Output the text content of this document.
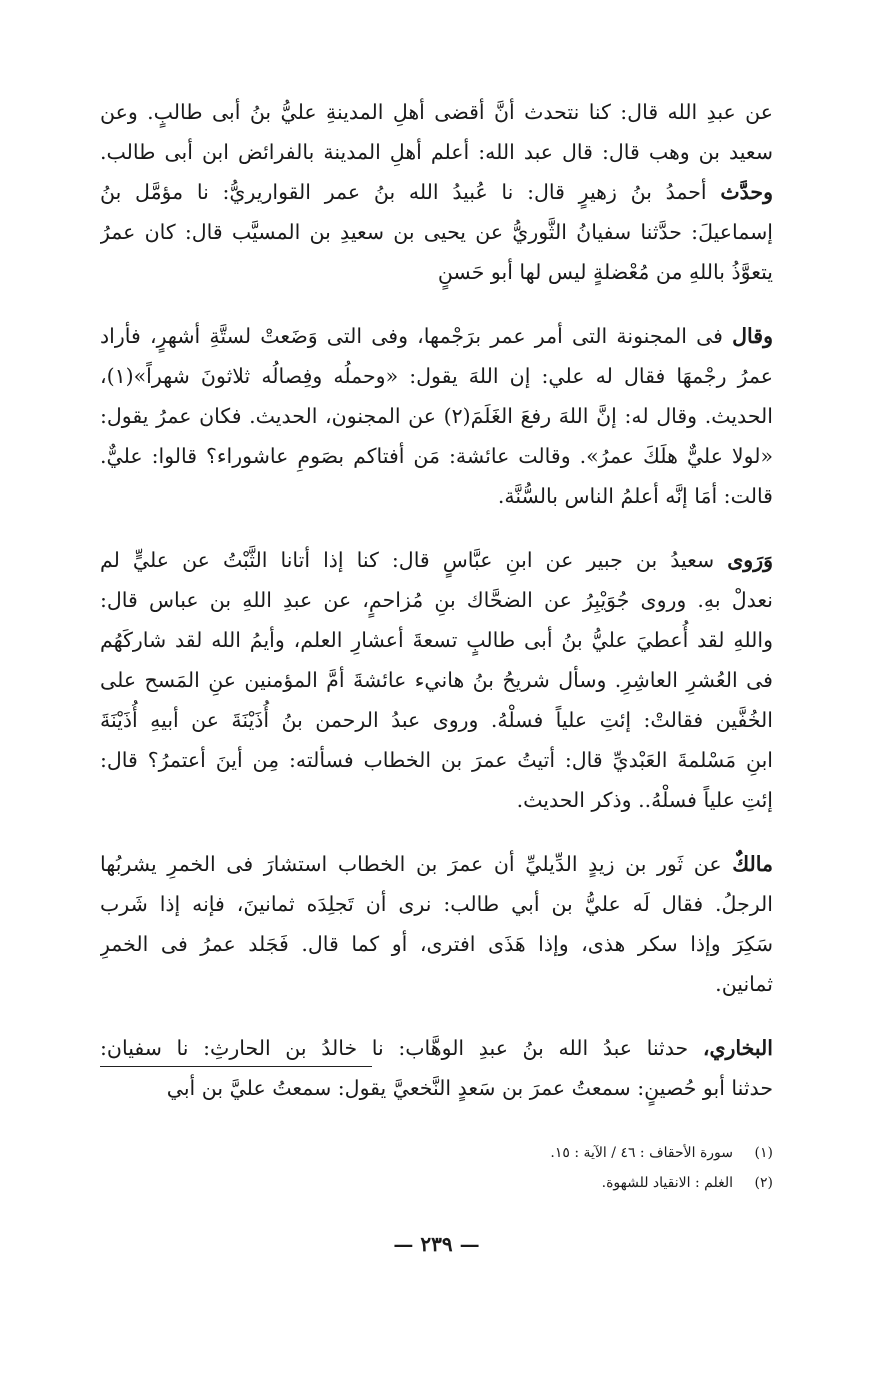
عن عبدِ الله قال: كنا نتحدث أنَّ أقضى أهلِ المدينةِ عليُّ بنُ أبى طالبٍ. وعن
سعيد بن وهب قال: قال عبد الله: أعلم أهلِ المدينة بالفرائض ابن أبى طالب.
وحدَّث أحمدُ بنُ زهيرٍ قال: نا عُبيدُ الله بنُ عمر القواريريُّ: نا مؤمَّل بنُ
إسماعيلَ: حدَّثنا سفيانُ الثَّوريُّ عن يحيى بن سعيدِ بن المسيَّب قال: كان عمرُ
يتعوَّذُ باللهِ من مُعْضلةٍ ليس لها أبو حَسنٍ
وقال فى المجنونة التى أمر عمر برَجْمها، وفى التى وَضَعتْ لستَّةِ أشهرٍ، فأراد
عمرُ رجْمهَا فقال له علي: إن اللهَ يقول: «وحملُه وفِصالُه ثلاثونَ شهراً»(١)،
الحديث. وقال له: إنَّ اللهَ رفعَ الغَلَمَ(٢) عن المجنون، الحديث. فكان عمرُ يقول:
«لولا عليٌّ هلَكَ عمرُ». وقالت عائشة: مَن أفتاكم بصَومِ عاشوراء؟ قالوا: عليٌّ.
قالت: أمَا إنَّه أعلمُ الناس بالسُّنَّة.
وَرَوى سعيدُ بن جبير عن ابنِ عبَّاسٍ قال: كنا إذا أتانا الثَّبْتُ عن عليٍّ لم
نعدلْ بهِ. وروى جُوَيْبِرُ عن الضحَّاك بنِ مُزاحمٍ، عن عبدِ اللهِ بن عباس قال:
واللهِ لقد أُعطيَ عليُّ بنُ أبى طالبٍ تسعةَ أعشارِ العلم، وأيمُ الله لقد شاركَهُم
فى العُشرِ العاشِرِ. وسأل شريحُ بنُ هانيء عائشةَ أمَّ المؤمنين عنِ المَسح على
الخُفَّين فقالتْ: إئتِ علياً فسلْهُ. وروى عبدُ الرحمن بنُ أُذَيْنَةَ عن أبيهِ أُذَيْنَةَ
ابنِ مَسْلمةَ العَبْديِّ قال: أتيتُ عمرَ بن الخطاب فسألته: مِن أينَ أعتمرُ؟ قال:
إئتِ علياً فسلْهُ.. وذكر الحديث.
مالكٌ عن ثَور بن زيدٍ الدِّيليِّ أن عمرَ بن الخطاب استشارَ فى الخمرِ يشربُها
الرجلُ. فقال لَه عليُّ بن أبي طالب: نرى أن تَجلِدَه ثمانينَ، فإنه إذا شَرب
سَكِرَ وإذا سكر هذى، وإذا هَذَى افترى، أو كما قال. فَجَلد عمرُ فى الخمرِ
ثمانين.
البخاري، حدثنا عبدُ الله بنُ عبدِ الوهَّاب: نا خالدُ بن الحارثِ: نا سفيان:
حدثنا أبو حُصينٍ: سمعتُ عمرَ بن سَعدٍ النَّخعيَّ يقول: سمعتُ عليَّ بن أبي
(١)سورة الأحقاف : ٤٦ / الآية : ١٥.
(٢)الغلم : الانقياد للشهوة.
— ٢٣٩ —
